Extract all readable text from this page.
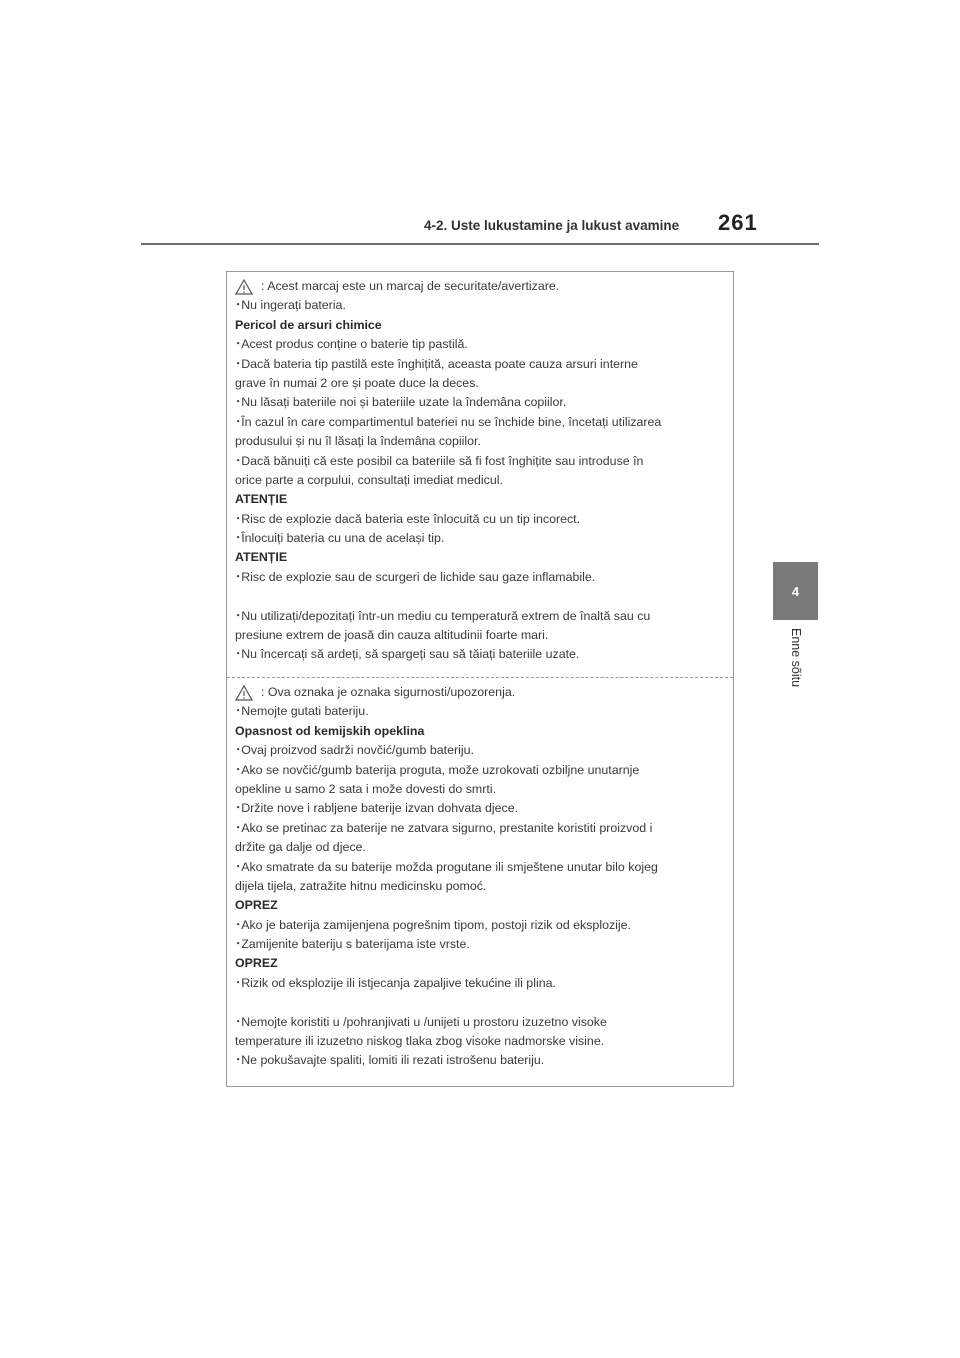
4-2. Uste lukustamine ja lukust avamine 261
4
Enne sõitu
: Acest marcaj este un marcaj de securitate/avertizare.
･Nu ingerați bateria.
Pericol de arsuri chimice
･Acest produs conține o baterie tip pastilă.
･Dacă bateria tip pastilă este înghițită, aceasta poate cauza arsuri interne
grave în numai 2 ore și poate duce la deces.
･Nu lăsați bateriile noi și bateriile uzate la îndemâna copiilor.
･În cazul în care compartimentul bateriei nu se închide bine, încetați utilizarea
produsului și nu îl lăsați la îndemâna copiilor.
･Dacă bănuiți că este posibil ca bateriile să fi fost înghițite sau introduse în
orice parte a corpului, consultați imediat medicul.
ATENȚIE
･Risc de explozie dacă bateria este înlocuită cu un tip incorect.
･Înlocuiți bateria cu una de același tip.
ATENȚIE
･Risc de explozie sau de scurgeri de lichide sau gaze inflamabile.
･Nu utilizați/depozitați într-un mediu cu temperatură extrem de înaltă sau cu
presiune extrem de joasă din cauza altitudinii foarte mari.
･Nu încercați să ardeți, să spargeți sau să tăiați bateriile uzate.
: Ova oznaka je oznaka sigurnosti/upozorenja.
･Nemojte gutati bateriju.
Opasnost od kemijskih opeklina
･Ovaj proizvod sadrži novčić/gumb bateriju.
･Ako se novčić/gumb baterija proguta, može uzrokovati ozbiljne unutarnje
opekline u samo 2 sata i može dovesti do smrti.
･Držite nove i rabljene baterije izvan dohvata djece.
･Ako se pretinac za baterije ne zatvara sigurno, prestanite koristiti proizvod i
držite ga dalje od djece.
･Ako smatrate da su baterije možda progutane ili smještene unutar bilo kojeg
dijela tijela, zatražite hitnu medicinsku pomoć.
OPREZ
･Ako je baterija zamijenjena pogrešnim tipom, postoji rizik od eksplozije.
･Zamijenite bateriju s baterijama iste vrste.
OPREZ
･Rizik od eksplozije ili istjecanja zapaljive tekućine ili plina.
･Nemojte koristiti u /pohranjivati u /unijeti u prostoru izuzetno visoke
temperature ili izuzetno niskog tlaka zbog visoke nadmorske visine.
･Ne pokušavajte spaliti, lomiti ili rezati istrošenu bateriju.
